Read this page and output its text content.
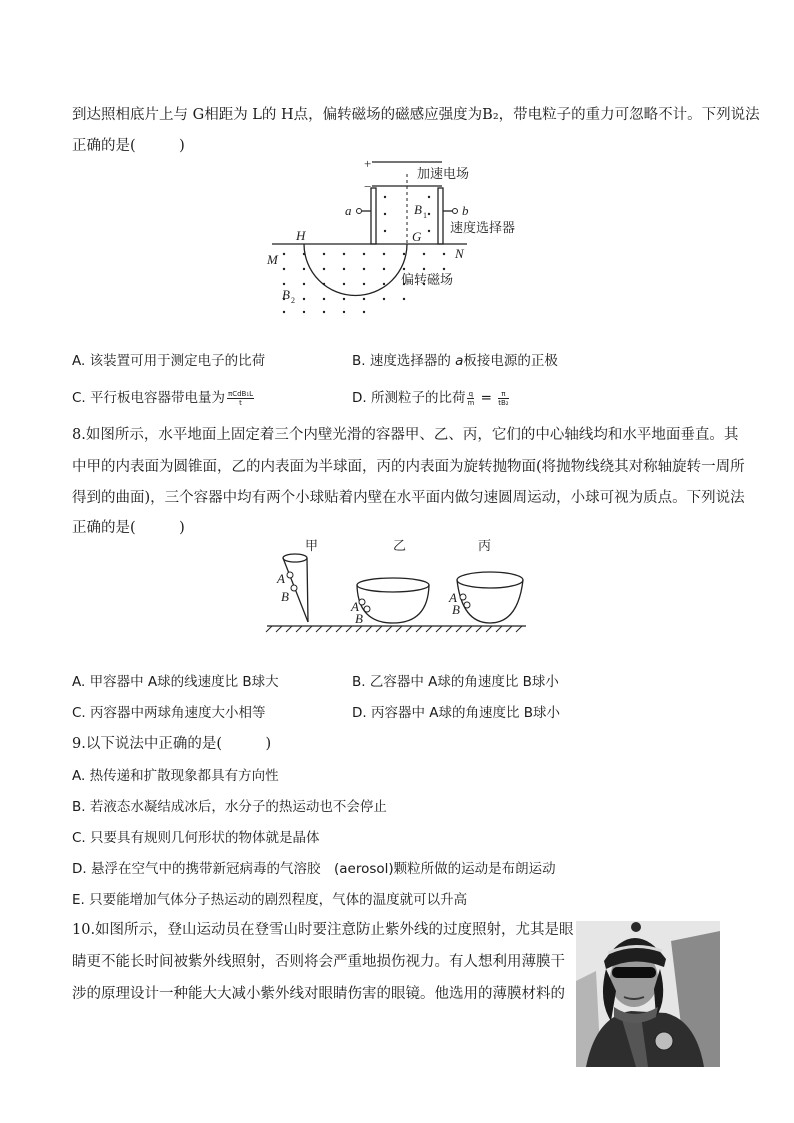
到达照相底片上与 G相距为 L的 H点，偏转磁场的磁感应强度为B₂，带电粒子的重力可忽略不计。下列说法
正确的是(　　　)
+
−
加速电场
a	b
B 1
速度选择器
H	G
M	N
偏转磁场
B 2
A. 该装置可用于测定电子的比荷	B. 速度选择器的 a板接电源的正极
C. 平行板电容器带电量为 $\frac{\text{πCdB₁L}}{t}$	D. 所测粒子的比荷 $\frac{q}{m} = \frac{\pi}{\text{tB₂}}$
8.如图所示，水平地面上固定着三个内壁光滑的容器甲、乙、丙，它们的中心轴线均和水平地面垂直。其
中甲的内表面为圆锥面，乙的内表面为半球面，丙的内表面为旋转抛物面(将抛物线绕其对称轴旋转一周所
得到的曲面)，三个容器中均有两个小球贴着内壁在水平面内做匀速圆周运动，小球可视为质点。下列说法
正确的是(　　　)
甲	乙	丙
A
B
A
B
A
B
A. 甲容器中 A球的线速度比 B球大	B. 乙容器中 A球的角速度比 B球小
C. 丙容器中两球角速度大小相等	D. 丙容器中 A球的角速度比 B球小
9.以下说法中正确的是(　　　)
A. 热传递和扩散现象都具有方向性
B. 若液态水凝结成冰后，水分子的热运动也不会停止
C. 只要具有规则几何形状的物体就是晶体
D. 悬浮在空气中的携带新冠病毒的气溶胶　(aerosol)颗粒所做的运动是布朗运动
E. 只要能增加气体分子热运动的剧烈程度，气体的温度就可以升高
10.如图所示，登山运动员在登雪山时要注意防止紫外线的过度照射，尤其是眼
睛更不能长时间被紫外线照射，否则将会严重地损伤视力。有人想利用薄膜干
涉的原理设计一种能大大减小紫外线对眼睛伤害的眼镜。他选用的薄膜材料的
